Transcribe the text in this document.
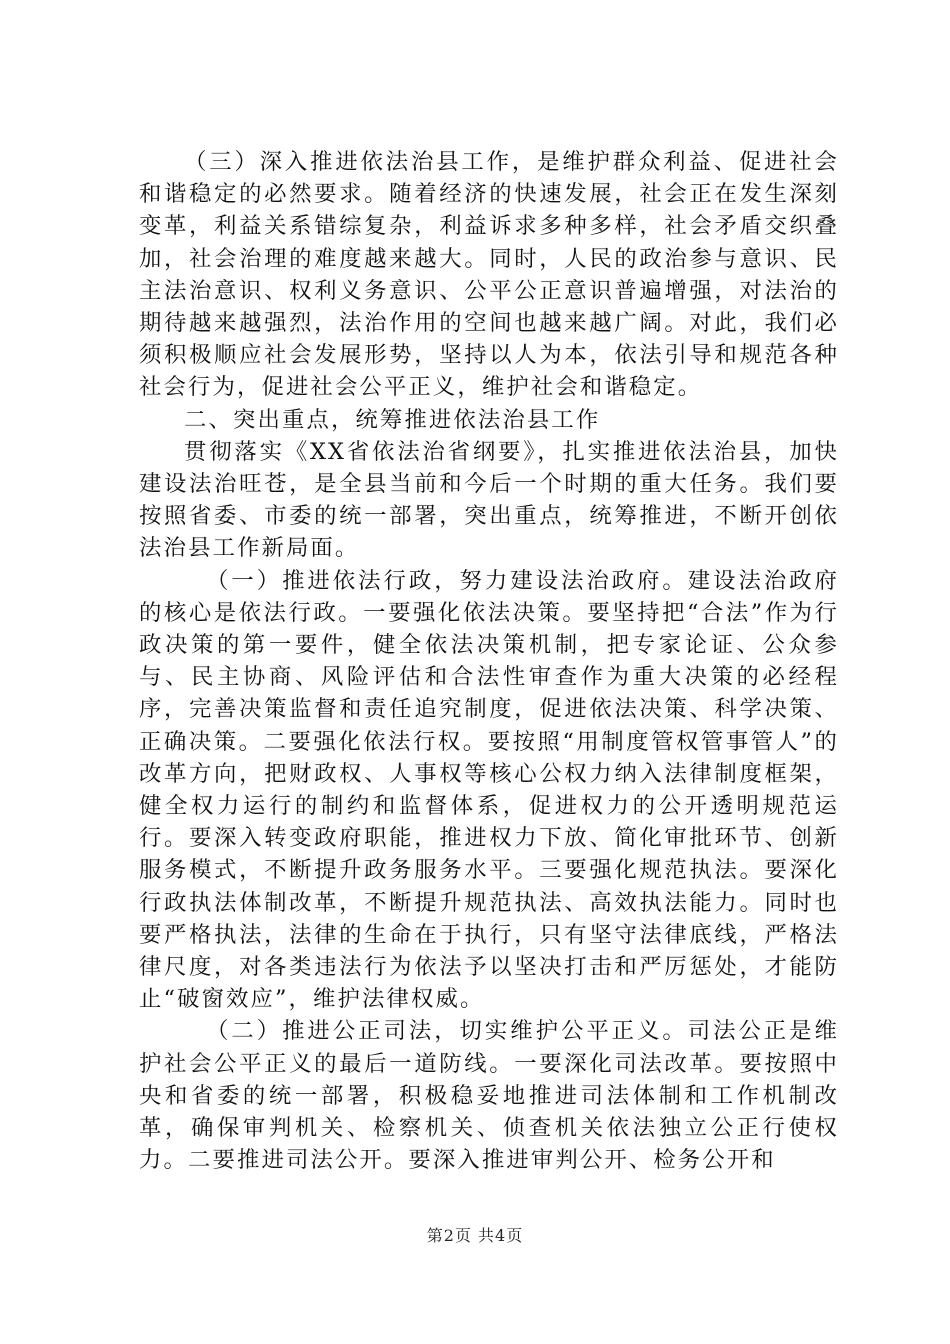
（三）深入推进依法治县工作，是维护群众利益、促进社会和谐稳定的必然要求。随着经济的快速发展，社会正在发生深刻变革，利益关系错综复杂，利益诉求多种多样，社会矛盾交织叠加，社会治理的难度越来越大。同时，人民的政治参与意识、民主法治意识、权利义务意识、公平公正意识普遍增强，对法治的期待越来越强烈，法治作用的空间也越来越广阔。对此，我们必须积极顺应社会发展形势，坚持以人为本，依法引导和规范各种社会行为，促进社会公平正义，维护社会和谐稳定。

二、突出重点，统筹推进依法治县工作

贯彻落实《XX省依法治省纲要》，扎实推进依法治县，加快建设法治旺苍，是全县当前和今后一个时期的重大任务。我们要按照省委、市委的统一部署，突出重点，统筹推进，不断开创依法治县工作新局面。

（一）推进依法行政，努力建设法治政府。建设法治政府的核心是依法行政。一要强化依法决策。要坚持把“合法”作为行政决策的第一要件，健全依法决策机制，把专家论证、公众参与、民主协商、风险评估和合法性审查作为重大决策的必经程序，完善决策监督和责任追究制度，促进依法决策、科学决策、正确决策。二要强化依法行权。要按照“用制度管权管事管人”的改革方向，把财政权、人事权等核心公权力纳入法律制度框架，健全权力运行的制约和监督体系，促进权力的公开透明规范运行。要深入转变政府职能，推进权力下放、简化审批环节、创新服务模式，不断提升政务服务水平。三要强化规范执法。要深化行政执法体制改革，不断提升规范执法、高效执法能力。同时也要严格执法，法律的生命在于执行，只有坚守法律底线，严格法律尺度，对各类违法行为依法予以坚决打击和严厉惩处，才能防止“破窗效应”，维护法律权威。

（二）推进公正司法，切实维护公平正义。司法公正是维护社会公平正义的最后一道防线。一要深化司法改革。要按照中央和省委的统一部署，积极稳妥地推进司法体制和工作机制改革，确保审判机关、检察机关、侦查机关依法独立公正行使权力。二要推进司法公开。要深入推进审判公开、检务公开和

第2页 共4页
